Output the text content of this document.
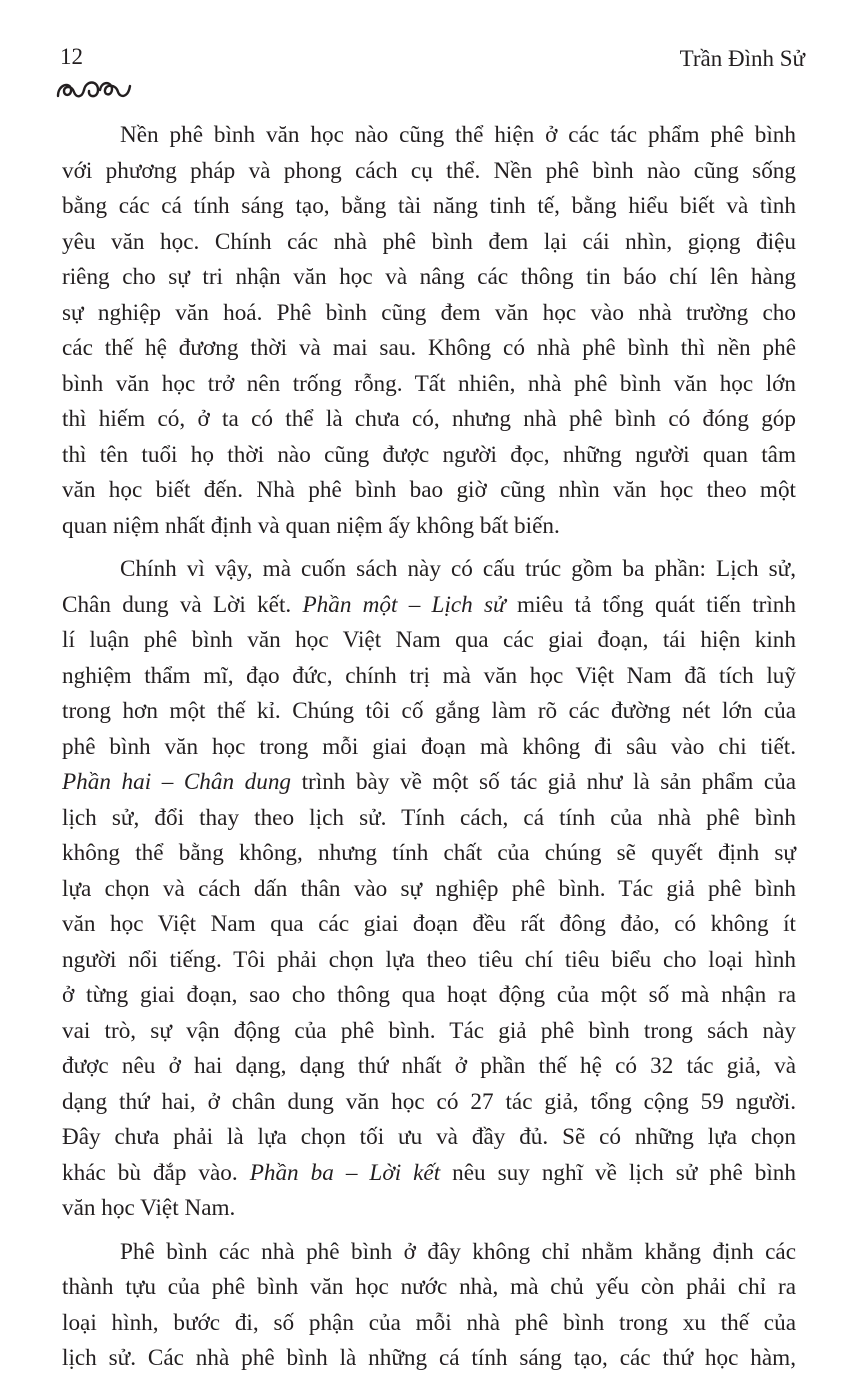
12	Trần Đình Sử
Nền phê bình văn học nào cũng thể hiện ở các tác phẩm phê bình
với phương pháp và phong cách cụ thể. Nền phê bình nào cũng sống
bằng các cá tính sáng tạo, bằng tài năng tinh tế, bằng hiểu biết và tình
yêu văn học. Chính các nhà phê bình đem lại cái nhìn, giọng điệu
riêng cho sự tri nhận văn học và nâng các thông tin báo chí lên hàng
sự nghiệp văn hoá. Phê bình cũng đem văn học vào nhà trường cho
các thế hệ đương thời và mai sau. Không có nhà phê bình thì nền phê
bình văn học trở nên trống rỗng. Tất nhiên, nhà phê bình văn học lớn
thì hiếm có, ở ta có thể là chưa có, nhưng nhà phê bình có đóng góp
thì tên tuổi họ thời nào cũng được người đọc, những người quan tâm
văn học biết đến. Nhà phê bình bao giờ cũng nhìn văn học theo một
quan niệm nhất định và quan niệm ấy không bất biến.
Chính vì vậy, mà cuốn sách này có cấu trúc gồm ba phần: Lịch sử,
Chân dung và Lời kết. Phần một – Lịch sử miêu tả tổng quát tiến trình
lí luận phê bình văn học Việt Nam qua các giai đoạn, tái hiện kinh
nghiệm thẩm mĩ, đạo đức, chính trị mà văn học Việt Nam đã tích luỹ
trong hơn một thế kỉ. Chúng tôi cố gắng làm rõ các đường nét lớn của
phê bình văn học trong mỗi giai đoạn mà không đi sâu vào chi tiết.
Phần hai – Chân dung trình bày về một số tác giả như là sản phẩm của
lịch sử, đổi thay theo lịch sử. Tính cách, cá tính của nhà phê bình
không thể bằng không, nhưng tính chất của chúng sẽ quyết định sự
lựa chọn và cách dấn thân vào sự nghiệp phê bình. Tác giả phê bình
văn học Việt Nam qua các giai đoạn đều rất đông đảo, có không ít
người nổi tiếng. Tôi phải chọn lựa theo tiêu chí tiêu biểu cho loại hình
ở từng giai đoạn, sao cho thông qua hoạt động của một số mà nhận ra
vai trò, sự vận động của phê bình. Tác giả phê bình trong sách này
được nêu ở hai dạng, dạng thứ nhất ở phần thế hệ có 32 tác giả, và
dạng thứ hai, ở chân dung văn học có 27 tác giả, tổng cộng 59 người.
Đây chưa phải là lựa chọn tối ưu và đầy đủ. Sẽ có những lựa chọn
khác bù đắp vào. Phần ba – Lời kết nêu suy nghĩ về lịch sử phê bình
văn học Việt Nam.
Phê bình các nhà phê bình ở đây không chỉ nhằm khẳng định các
thành tựu của phê bình văn học nước nhà, mà chủ yếu còn phải chỉ ra
loại hình, bước đi, số phận của mỗi nhà phê bình trong xu thế của
lịch sử. Các nhà phê bình là những cá tính sáng tạo, các thứ học hàm,
